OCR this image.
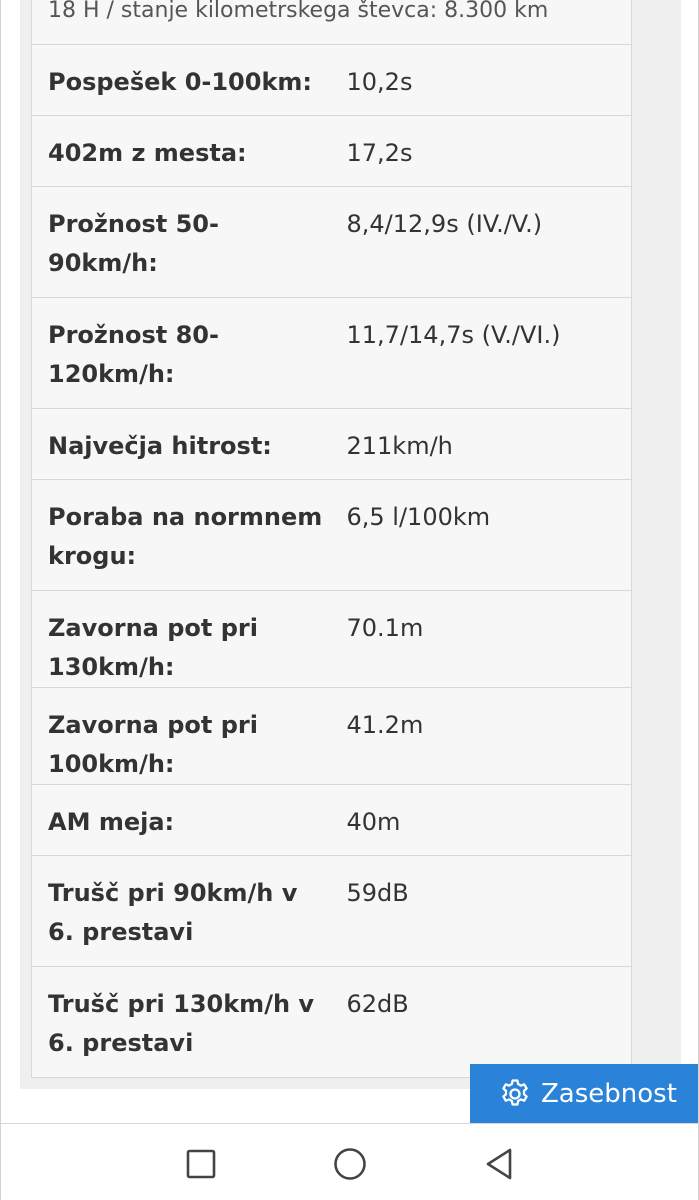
18 H / stanje kilometrskega števca: 8.300 km	
Pospešek 0-100km:	10,2s
402m z mesta:	17,2s
Prožnost 50-90km/h:	8,4/12,9s (IV./V.)
Prožnost 80-120km/h:	11,7/14,7s (V./VI.)
Največja hitrost:	211km/h
Poraba na normnem krogu:	6,5 l/100km
Zavorna pot pri 130km/h:	70.1m
Zavorna pot pri 100km/h:	41.2m
AM meja:	40m
Trušč pri 90km/h v 6. prestavi	59dB
Trušč pri 130km/h v 6. prestavi	62dB
Zasebnost
